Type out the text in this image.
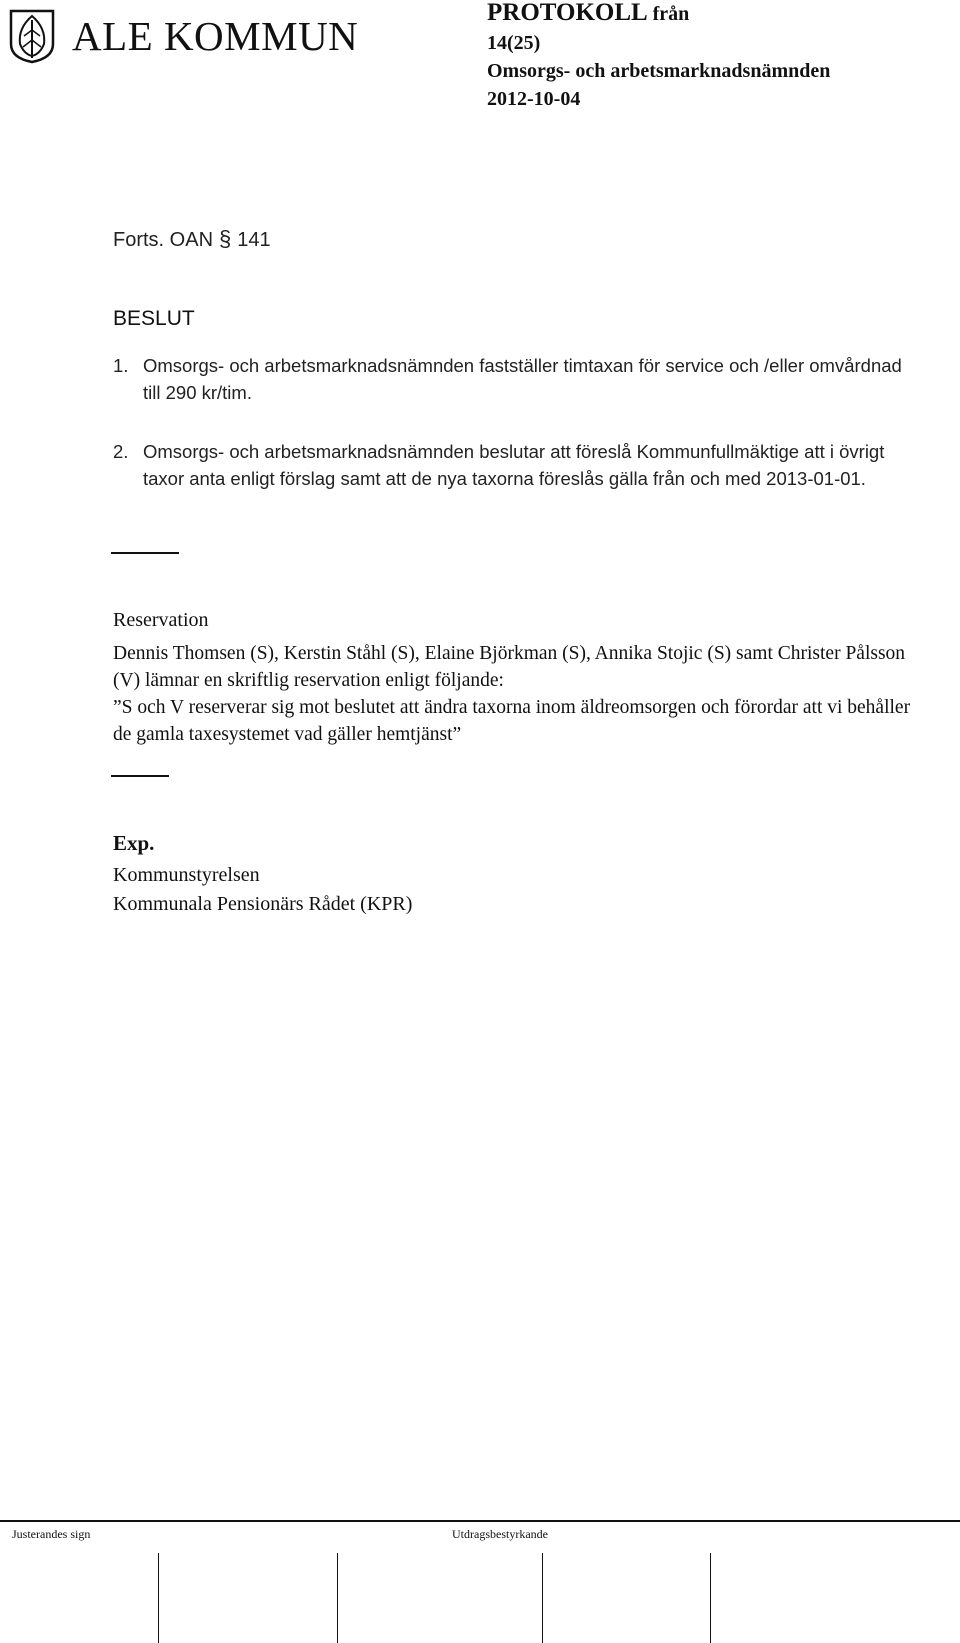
ALE KOMMUN	PROTOKOLL från
14(25)
Omsorgs- och arbetsmarknadsnämnden
2012-10-04
Forts. OAN § 141
BESLUT
1. Omsorgs- och arbetsmarknadsnämnden fastställer timtaxan för service och /eller omvårdnad till 290 kr/tim.
2. Omsorgs- och arbetsmarknadsnämnden beslutar att föreslå Kommunfullmäktige att i övrigt taxor anta enligt förslag samt att de nya taxorna föreslås gälla från och med 2013-01-01.
Reservation
Dennis Thomsen (S), Kerstin Ståhl (S), Elaine Björkman (S), Annika Stojic (S) samt Christer Pålsson (V) lämnar en skriftlig reservation enligt följande:
”S och V reserverar sig mot beslutet att ändra taxorna inom äldreomsorgen och förordar att vi behåller de gamla taxesystemet vad gäller hemtjänst”
Exp.
Kommunstyrelsen
Kommunala Pensionärs Rådet (KPR)
Justerandes sign	Utdragsbestyrkande
